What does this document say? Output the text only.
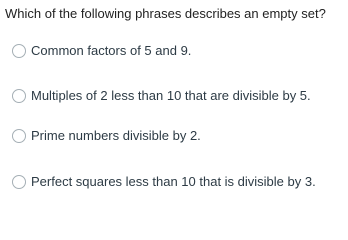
Which of the following phrases describes an empty set?
Common factors of 5 and 9.
Multiples of 2 less than 10 that are divisible by 5.
Prime numbers divisible by 2.
Perfect squares less than 10 that is divisible by 3.
